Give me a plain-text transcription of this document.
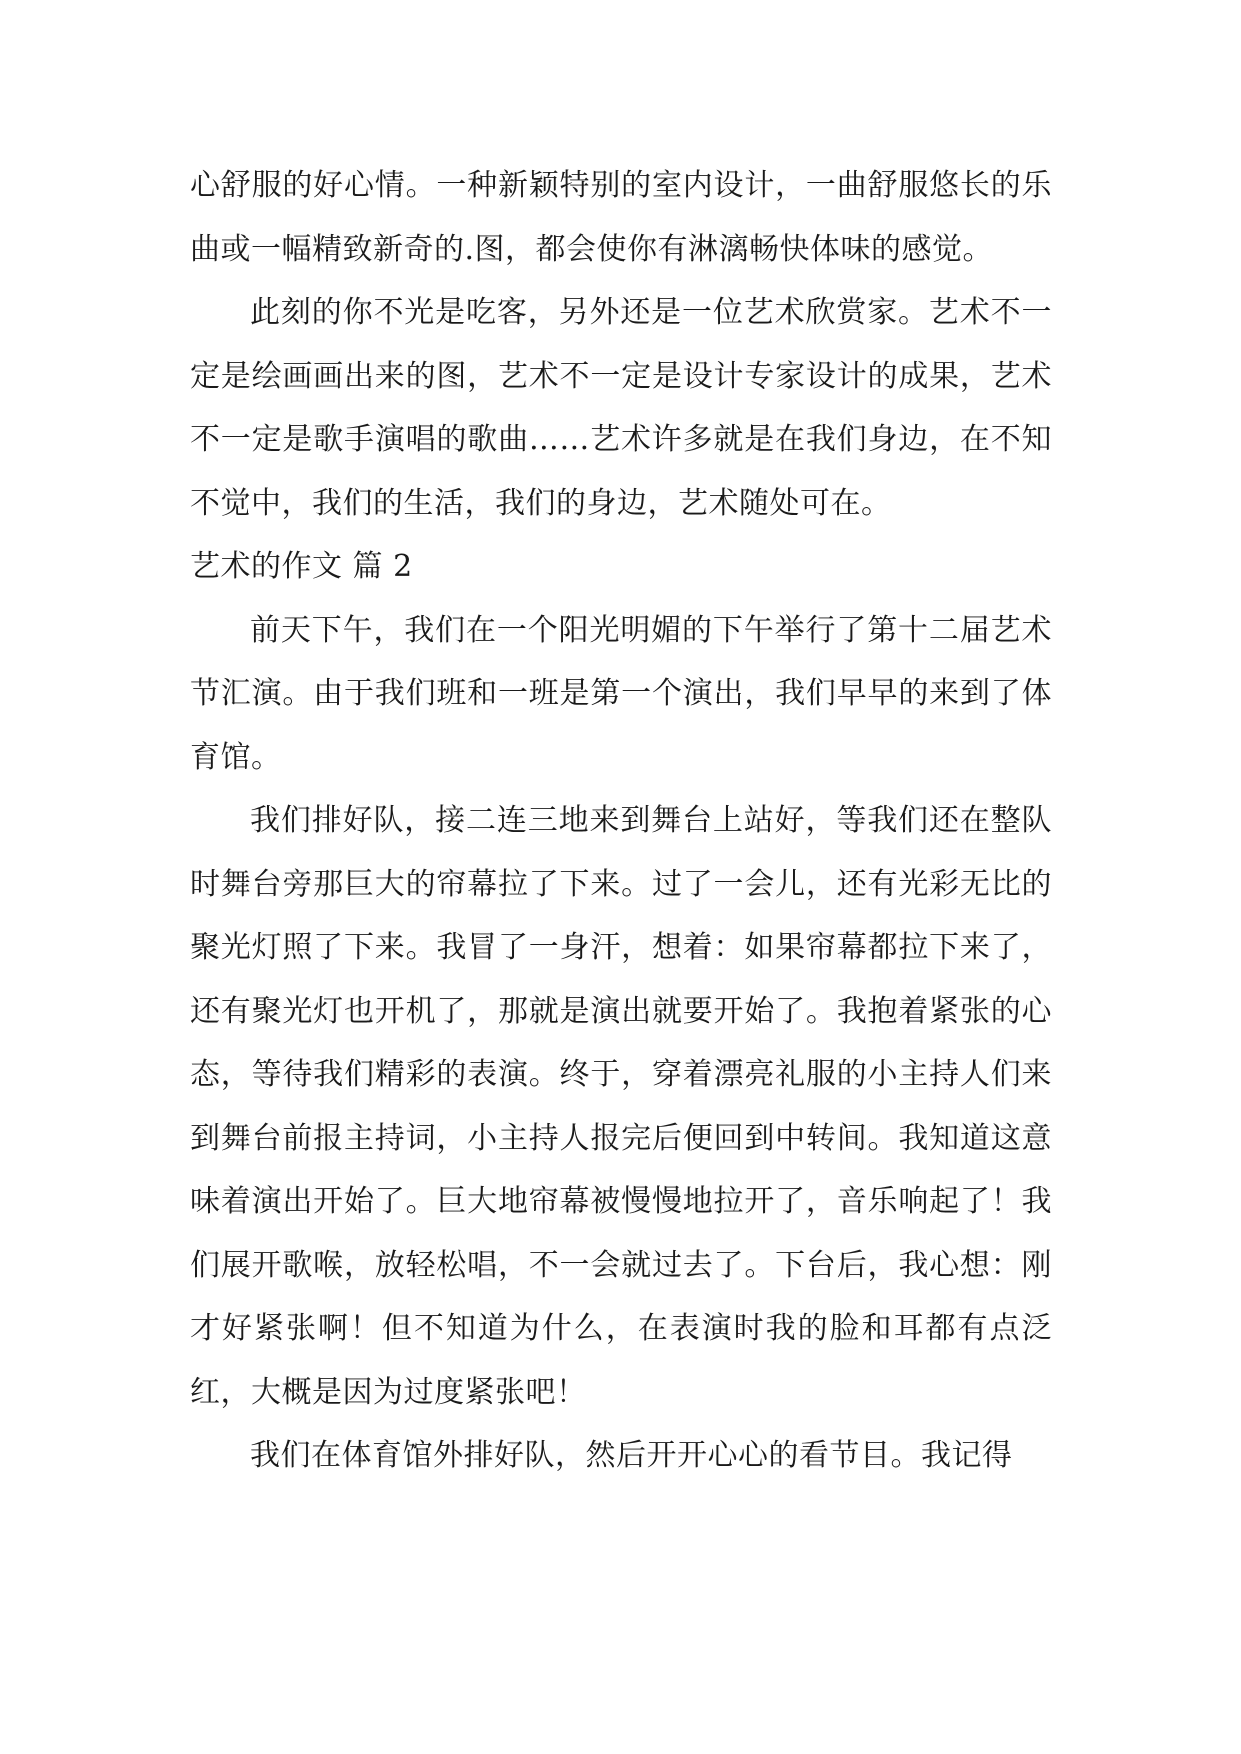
心舒服的好心情。一种新颖特别的室内设计，一曲舒服悠长的乐曲或一幅精致新奇的.图，都会使你有淋漓畅快体味的感觉。

此刻的你不光是吃客，另外还是一位艺术欣赏家。艺术不一定是绘画画出来的图，艺术不一定是设计专家设计的成果，艺术不一定是歌手演唱的歌曲……艺术许多就是在我们身边，在不知不觉中，我们的生活，我们的身边，艺术随处可在。

艺术的作文 篇 2

前天下午，我们在一个阳光明媚的下午举行了第十二届艺术节汇演。由于我们班和一班是第一个演出，我们早早的来到了体育馆。

我们排好队，接二连三地来到舞台上站好，等我们还在整队时舞台旁那巨大的帘幕拉了下来。过了一会儿，还有光彩无比的聚光灯照了下来。我冒了一身汗，想着：如果帘幕都拉下来了，还有聚光灯也开机了，那就是演出就要开始了。我抱着紧张的心态，等待我们精彩的表演。终于，穿着漂亮礼服的小主持人们来到舞台前报主持词，小主持人报完后便回到中转间。我知道这意味着演出开始了。巨大地帘幕被慢慢地拉开了，音乐响起了！我们展开歌喉，放轻松唱，不一会就过去了。下台后，我心想：刚才好紧张啊！但不知道为什么，在表演时我的脸和耳都有点泛红，大概是因为过度紧张吧！

我们在体育馆外排好队，然后开开心心的看节目。我记得
